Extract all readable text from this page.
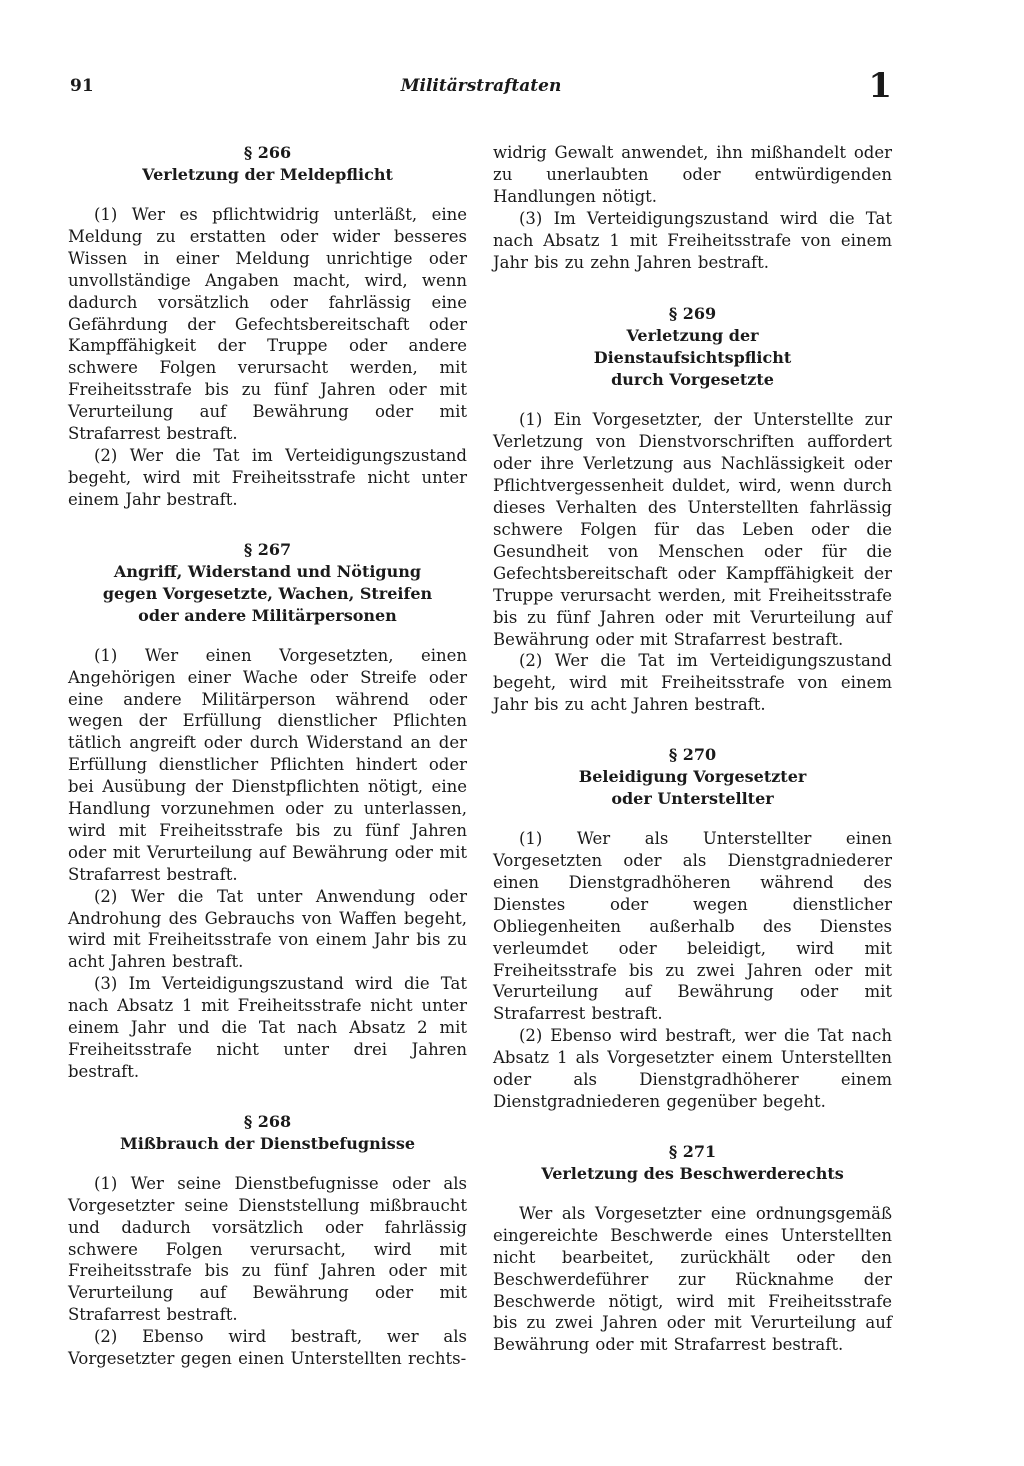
91	Militärstraftaten	1

§ 266

Verletzung der Meldepflicht

(1) Wer es pflichtwidrig unterläßt, eine Meldung zu erstatten oder wider besseres Wissen in einer Meldung unrichtige oder unvollständige Angaben macht, wird, wenn dadurch vorsätzlich oder fahrlässig eine Gefährdung der Gefechtsbereitschaft oder Kampffähigkeit der Truppe oder andere schwere Folgen verursacht werden, mit Freiheitsstrafe bis zu fünf Jahren oder mit Verurteilung auf Bewährung oder mit Strafarrest bestraft.

(2) Wer die Tat im Verteidigungszustand begeht, wird mit Freiheitsstrafe nicht unter einem Jahr bestraft.

§ 267

Angriff, Widerstand und Nötigung gegen Vorgesetzte, Wachen, Streifen oder andere Militärpersonen

(1) Wer einen Vorgesetzten, einen Angehörigen einer Wache oder Streife oder eine andere Militärperson während oder wegen der Erfüllung dienstlicher Pflichten tätlich angreift oder durch Widerstand an der Erfüllung dienstlicher Pflichten hindert oder bei Ausübung der Dienstpflichten nötigt, eine Handlung vorzunehmen oder zu unterlassen, wird mit Freiheitsstrafe bis zu fünf Jahren oder mit Verurteilung auf Bewährung oder mit Strafarrest bestraft.

(2) Wer die Tat unter Anwendung oder Androhung des Gebrauchs von Waffen begeht, wird mit Freiheitsstrafe von einem Jahr bis zu acht Jahren bestraft.

(3) Im Verteidigungszustand wird die Tat nach Absatz 1 mit Freiheitsstrafe nicht unter einem Jahr und die Tat nach Absatz 2 mit Freiheitsstrafe nicht unter drei Jahren bestraft.

§ 268

Mißbrauch der Dienstbefugnisse

(1) Wer seine Dienstbefugnisse oder als Vorgesetzter seine Dienststellung mißbraucht und dadurch vorsätzlich oder fahrlässig schwere Folgen verursacht, wird mit Freiheitsstrafe bis zu fünf Jahren oder mit Verurteilung auf Bewährung oder mit Strafarrest bestraft.

(2) Ebenso wird bestraft, wer als Vorgesetzter gegen einen Unterstellten rechts-

widrig Gewalt anwendet, ihn mißhandelt oder zu unerlaubten oder entwürdigenden Handlungen nötigt.

(3) Im Verteidigungszustand wird die Tat nach Absatz 1 mit Freiheitsstrafe von einem Jahr bis zu zehn Jahren bestraft.

§ 269

Verletzung der Dienstaufsichtspflicht durch Vorgesetzte

(1) Ein Vorgesetzter, der Unterstellte zur Verletzung von Dienstvorschriften auffordert oder ihre Verletzung aus Nachlässigkeit oder Pflichtvergessenheit duldet, wird, wenn durch dieses Verhalten des Unterstellten fahrlässig schwere Folgen für das Leben oder die Gesundheit von Menschen oder für die Gefechtsbereitschaft oder Kampffähigkeit der Truppe verursacht werden, mit Freiheitsstrafe bis zu fünf Jahren oder mit Verurteilung auf Bewährung oder mit Strafarrest bestraft.

(2) Wer die Tat im Verteidigungszustand begeht, wird mit Freiheitsstrafe von einem Jahr bis zu acht Jahren bestraft.

§ 270

Beleidigung Vorgesetzter oder Unterstellter

(1) Wer als Unterstellter einen Vorgesetzten oder als Dienstgradniederer einen Dienstgradhöheren während des Dienstes oder wegen dienstlicher Obliegenheiten außerhalb des Dienstes verleumdet oder beleidigt, wird mit Freiheitsstrafe bis zu zwei Jahren oder mit Verurteilung auf Bewährung oder mit Strafarrest bestraft.

(2) Ebenso wird bestraft, wer die Tat nach Absatz 1 als Vorgesetzter einem Unterstellten oder als Dienstgradhöherer einem Dienstgradniederen gegenüber begeht.

§ 271

Verletzung des Beschwerderechts

Wer als Vorgesetzter eine ordnungsgemäß eingereichte Beschwerde eines Unterstellten nicht bearbeitet, zurückhält oder den Beschwerdeführer zur Rücknahme der Beschwerde nötigt, wird mit Freiheitsstrafe bis zu zwei Jahren oder mit Verurteilung auf Bewährung oder mit Strafarrest bestraft.
